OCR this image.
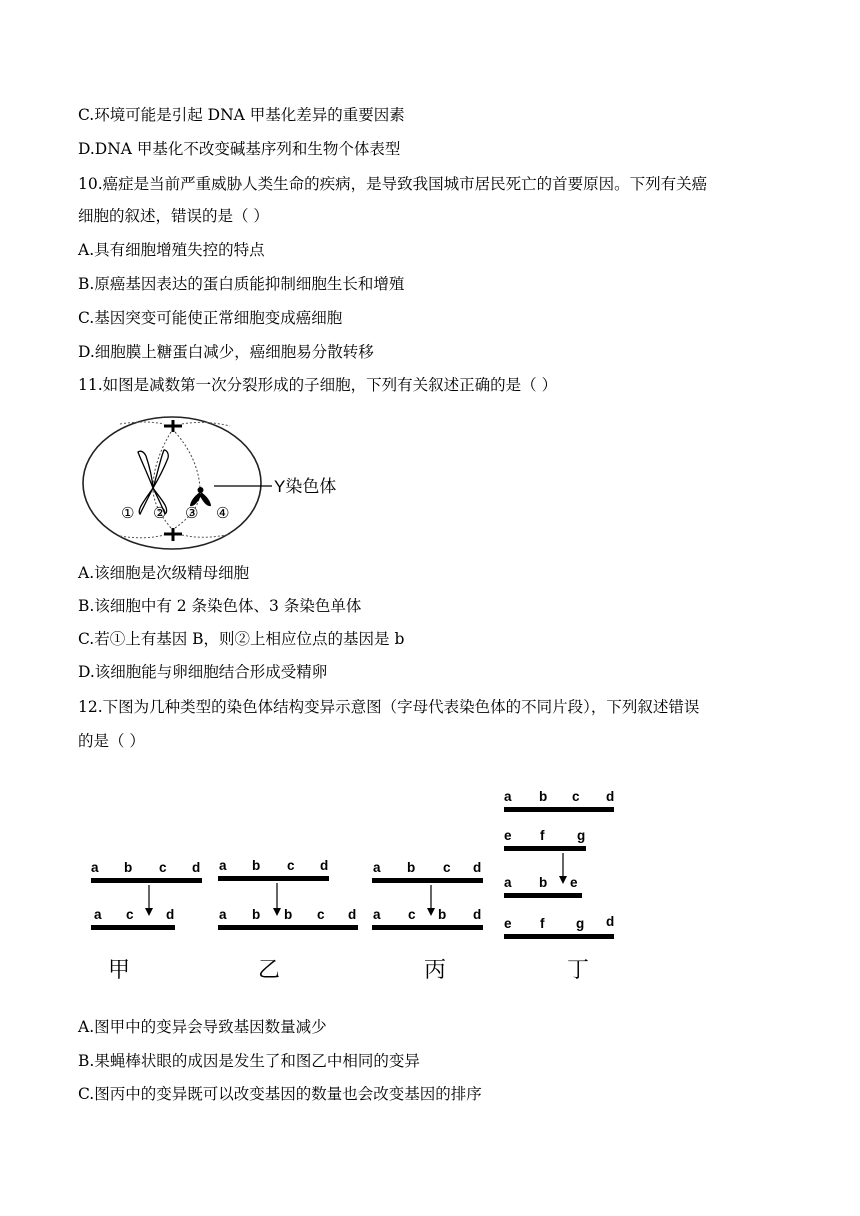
C.环境可能是引起 DNA 甲基化差异的重要因素
D.DNA 甲基化不改变碱基序列和生物个体表型
10.癌症是当前严重威胁人类生命的疾病，是导致我国城市居民死亡的首要原因。下列有关癌
细胞的叙述，错误的是（ ）
A.具有细胞增殖失控的特点
B.原癌基因表达的蛋白质能抑制细胞生长和增殖
C.基因突变可能使正常细胞变成癌细胞
D.细胞膜上糖蛋白减少，癌细胞易分散转移
11.如图是减数第一次分裂形成的子细胞，下列有关叙述正确的是（ ）
Y染色体
① ② ③ ④
A.该细胞是次级精母细胞
B.该细胞中有 2 条染色体、3 条染色单体
C.若①上有基因 B，则②上相应位点的基因是 b
D.该细胞能与卵细胞结合形成受精卵
12.下图为几种类型的染色体结构变异示意图（字母代表染色体的不同片段），下列叙述错误
的是（ ）
a b c d
a c d
甲
a b c d
a b b c d
乙
a b c d
a c b d
丙
a b c d
e f g
a b e
e f g d
丁
A.图甲中的变异会导致基因数量减少
B.果蝇棒状眼的成因是发生了和图乙中相同的变异
C.图丙中的变异既可以改变基因的数量也会改变基因的排序
